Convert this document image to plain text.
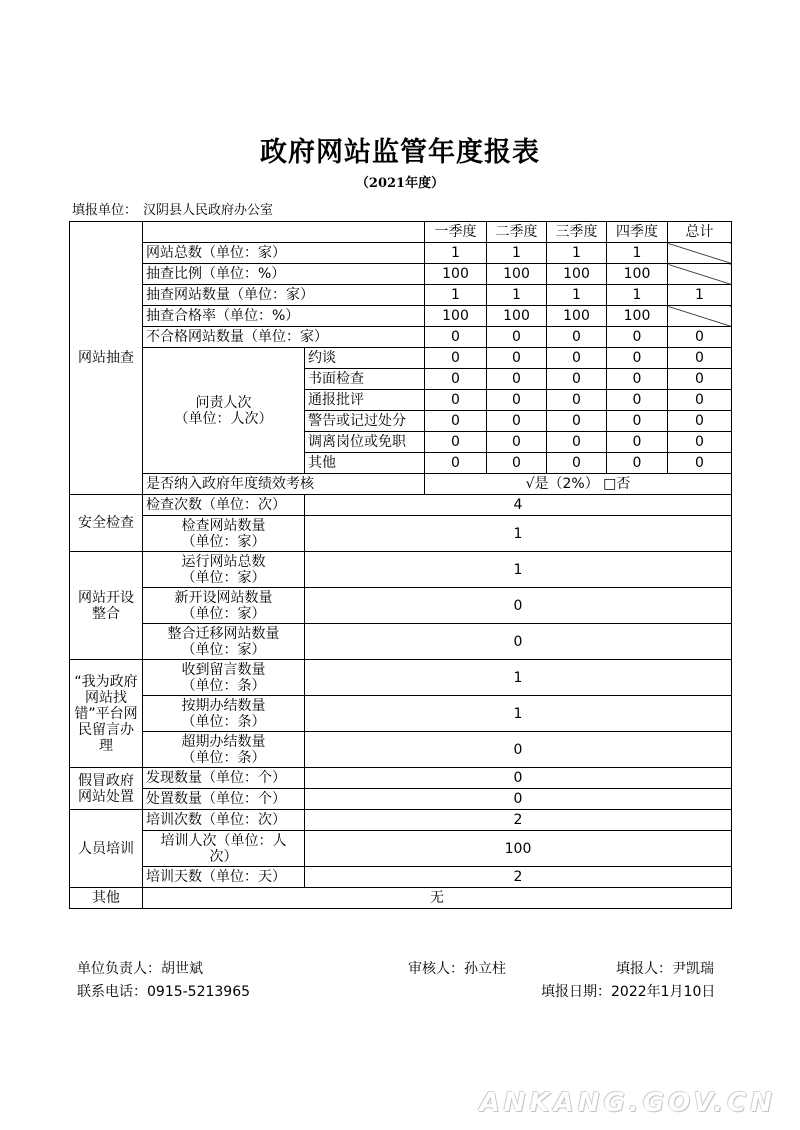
政府网站监管年度报表
（2021年度）
填报单位： 汉阴县人民政府办公室
网站抽查			一季度	二季度	三季度	四季度	总计
	网站总数（单位：家）		1	1	1	1	
	抽查比例（单位：%）		100	100	100	100	
	抽查网站数量（单位：家）		1	1	1	1	1
	抽查合格率（单位：%）		100	100	100	100	
	不合格网站数量（单位：家）		0	0	0	0	0
	问责人次
（单位：人次）	约谈	0	0	0	0	0
		书面检查	0	0	0	0	0
		通报批评	0	0	0	0	0
		警告或记过处分	0	0	0	0	0
		调离岗位或免职	0	0	0	0	0
		其他	0	0	0	0	0
	是否纳入政府年度绩效考核		√是（2%） □否				
安全检查	检查次数（单位：次）	4					
	检查网站数量
（单位：家）	1					
网站开设整合	运行网站总数
（单位：家）	1					
	新开设网站数量
（单位：家）	0					
	整合迁移网站数量
（单位：家）	0					
“我为政府网站找错”平台网民留言办理	收到留言数量
（单位：条）	1					
	按期办结数量
（单位：条）	1					
	超期办结数量
（单位：条）	0					
假冒政府网站处置	发现数量（单位：个）	0					
	处置数量（单位：个）	0					
人员培训	培训次数（单位：次）	2					
	培训人次（单位：人
次）	100					
	培训天数（单位：天）	2					
其他	无						
单位负责人：胡世斌	审核人：孙立柱	填报人：尹凯瑞
联系电话：0915-5213965	填报日期：2022年1月10日
ANKANG.GOV.CN
